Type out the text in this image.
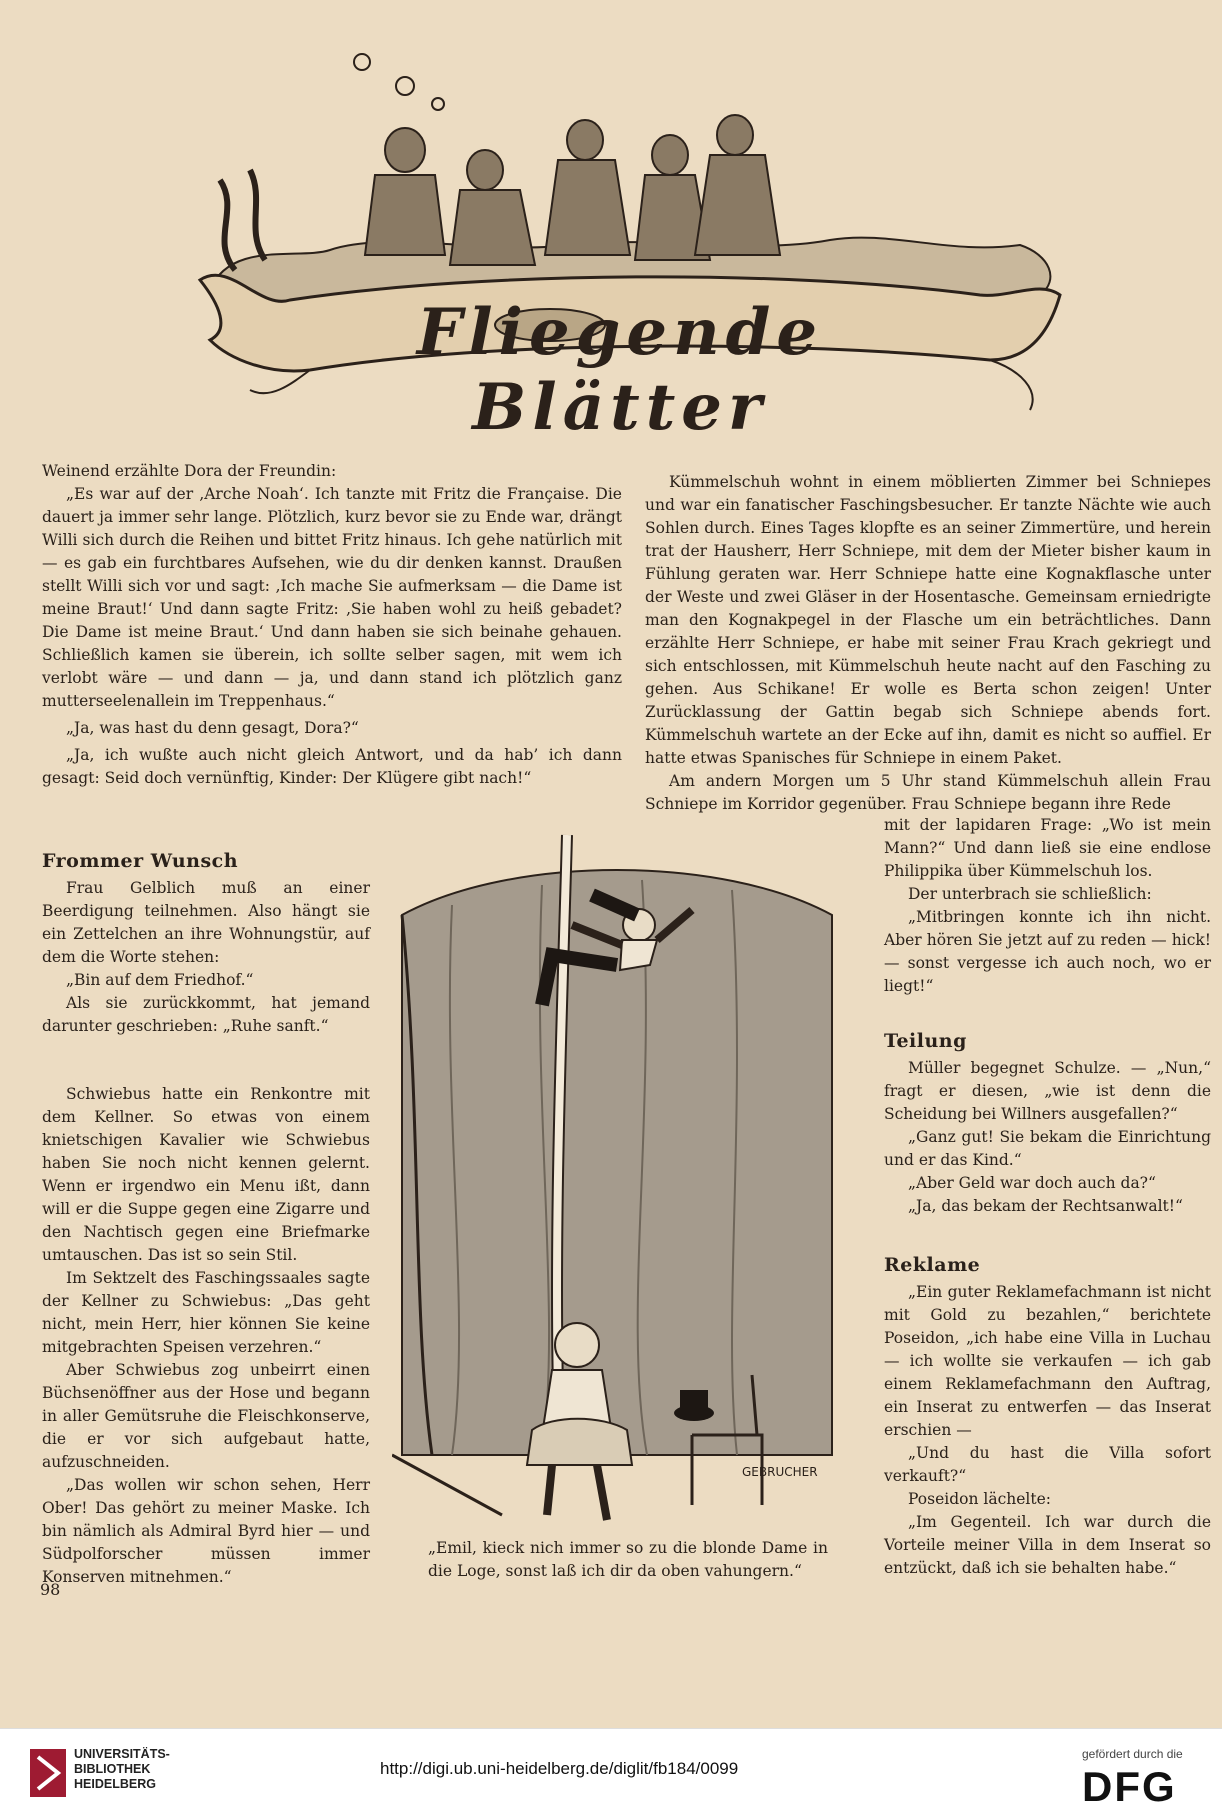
Fliegende Blätter

Weinend erzählte Dora der Freundin:

„Es war auf der ‚Arche Noah‘. Ich tanzte mit Fritz die Française. Die dauert ja immer sehr lange. Plötzlich, kurz bevor sie zu Ende war, drängt Willi sich durch die Reihen und bittet Fritz hinaus. Ich gehe natürlich mit — es gab ein furchtbares Aufsehen, wie du dir denken kannst. Draußen stellt Willi sich vor und sagt: ‚Ich mache Sie aufmerksam — die Dame ist meine Braut!‘ Und dann sagte Fritz: ‚Sie haben wohl zu heiß gebadet? Die Dame ist meine Braut.‘ Und dann haben sie sich beinahe gehauen. Schließlich kamen sie überein, ich sollte selber sagen, mit wem ich verlobt wäre — und dann — ja, und dann stand ich plötzlich ganz mutterseelenallein im Treppenhaus.“

„Ja, was hast du denn gesagt, Dora?“

„Ja, ich wußte auch nicht gleich Antwort, und da hab’ ich dann gesagt: Seid doch vernünftig, Kinder: Der Klügere gibt nach!“

Frommer Wunsch

Frau Gelblich muß an einer Beerdigung teilnehmen. Also hängt sie ein Zettelchen an ihre Wohnungstür, auf dem die Worte stehen:

„Bin auf dem Friedhof.“

Als sie zurückkommt, hat jemand darunter geschrieben: „Ruhe sanft.“

Schwiebus hatte ein Renkontre mit dem Kellner. So etwas von einem knietschigen Kavalier wie Schwiebus haben Sie noch nicht kennen gelernt. Wenn er irgendwo ein Menu ißt, dann will er die Suppe gegen eine Zigarre und den Nachtisch gegen eine Briefmarke umtauschen. Das ist so sein Stil.

Im Sektzelt des Faschingssaales sagte der Kellner zu Schwiebus: „Das geht nicht, mein Herr, hier können Sie keine mitgebrachten Speisen verzehren.“

Aber Schwiebus zog unbeirrt einen Büchsenöffner aus der Hose und begann in aller Gemütsruhe die Fleischkonserve, die er vor sich aufgebaut hatte, aufzuschneiden.

„Das wollen wir schon sehen, Herr Ober! Das gehört zu meiner Maske. Ich bin nämlich als Admiral Byrd hier — und Südpolforscher müssen immer Konserven mitnehmen.“

98

Kümmelschuh wohnt in einem möblierten Zimmer bei Schniepes und war ein fanatischer Faschingsbesucher. Er tanzte Nächte wie auch Sohlen durch. Eines Tages klopfte es an seiner Zimmertüre, und herein trat der Hausherr, Herr Schniepe, mit dem der Mieter bisher kaum in Fühlung geraten war. Herr Schniepe hatte eine Kognakflasche unter der Weste und zwei Gläser in der Hosentasche. Gemeinsam erniedrigte man den Kognakpegel in der Flasche um ein beträchtliches. Dann erzählte Herr Schniepe, er habe mit seiner Frau Krach gekriegt und sich entschlossen, mit Kümmelschuh heute nacht auf den Fasching zu gehen. Aus Schikane! Er wolle es Berta schon zeigen! Unter Zurücklassung der Gattin begab sich Schniepe abends fort. Kümmelschuh wartete an der Ecke auf ihn, damit es nicht so auffiel. Er hatte etwas Spanisches für Schniepe in einem Paket.

Am andern Morgen um 5 Uhr stand Kümmelschuh allein Frau Schniepe im Korridor gegenüber. Frau Schniepe begann ihre Rede

mit der lapidaren Frage: „Wo ist mein Mann?“ Und dann ließ sie eine endlose Philippika über Kümmelschuh los.

Der unterbrach sie schließlich:

„Mitbringen konnte ich ihn nicht. Aber hören Sie jetzt auf zu reden — hick! — sonst vergesse ich auch noch, wo er liegt!“

Teilung

Müller begegnet Schulze. — „Nun,“ fragt er diesen, „wie ist denn die Scheidung bei Willners ausgefallen?“

„Ganz gut! Sie bekam die Einrichtung und er das Kind.“

„Aber Geld war doch auch da?“

„Ja, das bekam der Rechtsanwalt!“

Reklame

„Ein guter Reklamefachmann ist nicht mit Gold zu bezahlen,“ berichtete Poseidon, „ich habe eine Villa in Luchau — ich wollte sie verkaufen — ich gab einem Reklamefachmann den Auftrag, ein Inserat zu entwerfen — das Inserat erschien —

„Und du hast die Villa sofort verkauft?“

Poseidon lächelte:

„Im Gegenteil. Ich war durch die Vorteile meiner Villa in dem Inserat so entzückt, daß ich sie behalten habe.“

GEBRUCHER
„Emil, kieck nich immer so zu die blonde Dame in die Loge, sonst laß ich dir da oben vahungern.“
UNIVERSITÄTS-
BIBLIOTHEK
HEIDELBERG
http://digi.ub.uni-heidelberg.de/diglit/fb184/0099
gefördert durch die
DFG
